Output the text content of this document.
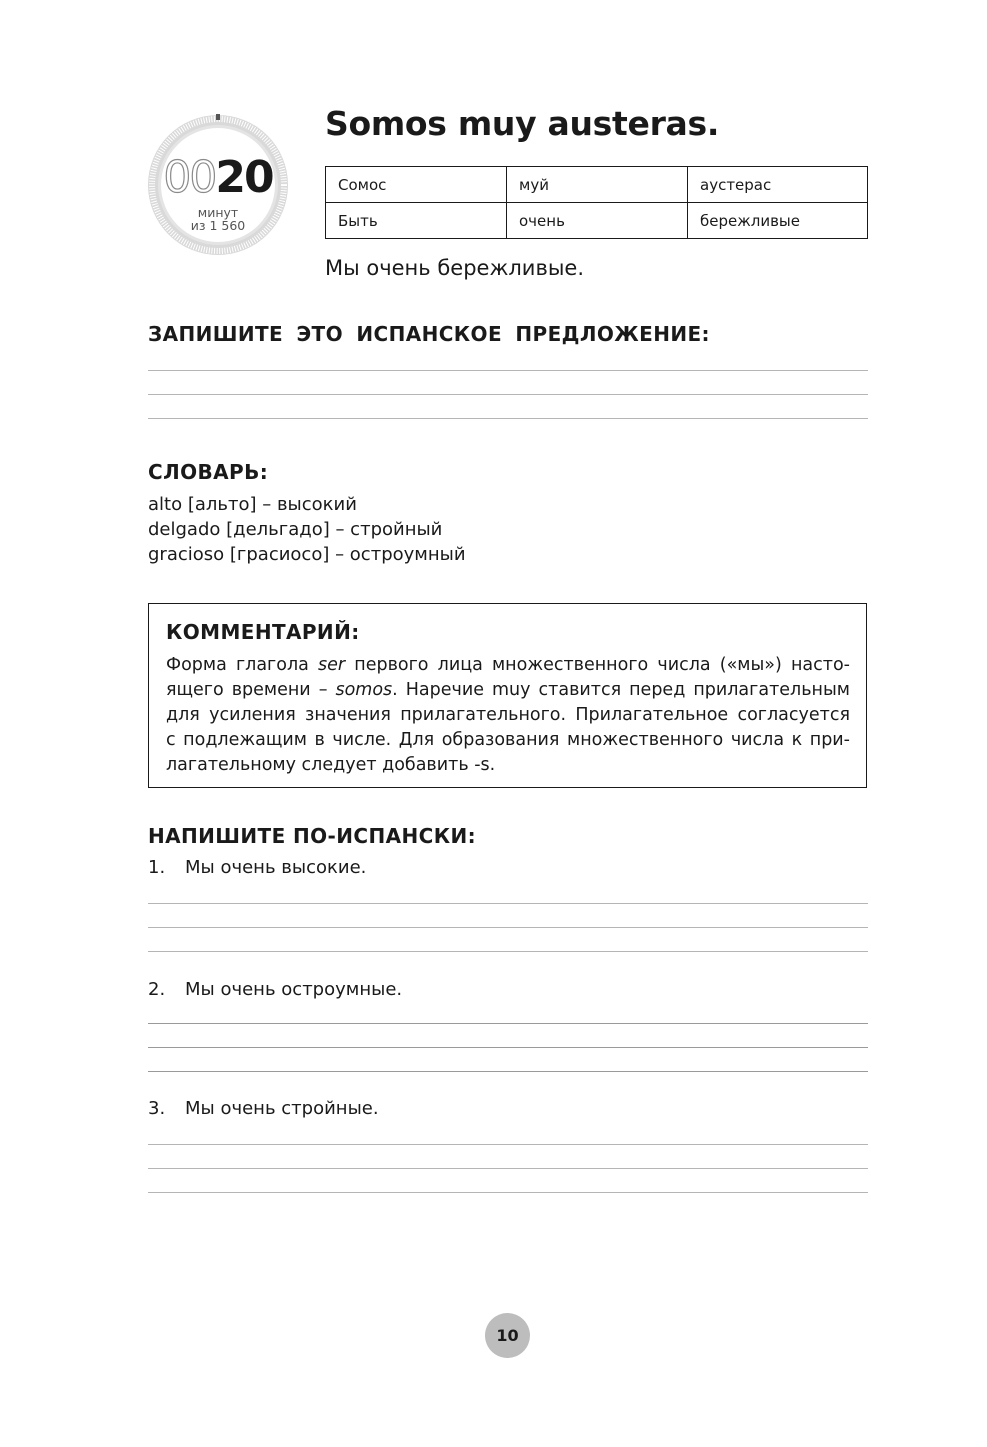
0020
минут
из 1 560
Somos muy austeras.
Сомос	муй	аустерас
Быть	очень	бережливые
Мы очень бережливые.
ЗАПИШИТЕ ЭТО ИСПАНСКОЕ ПРЕДЛОЖЕНИЕ:
СЛОВАРЬ:
alto [альто] – высокий
delgado [дельгадо] – стройный
gracioso [грасиосо] – остроумный
КОММЕНТАРИЙ:
Форма глагола ser первого лица множественного числа («мы») насто-
ящего времени – somos. Наречие muy ставится перед прилагательным
для усиления значения прилагательного. Прилагательное согласуется
с подлежащим в числе. Для образования множественного числа к при-
лагательному следует добавить -s.
НАПИШИТЕ ПО-ИСПАНСКИ:
1. Мы очень высокие.
2. Мы очень остроумные.
3. Мы очень стройные.
10
